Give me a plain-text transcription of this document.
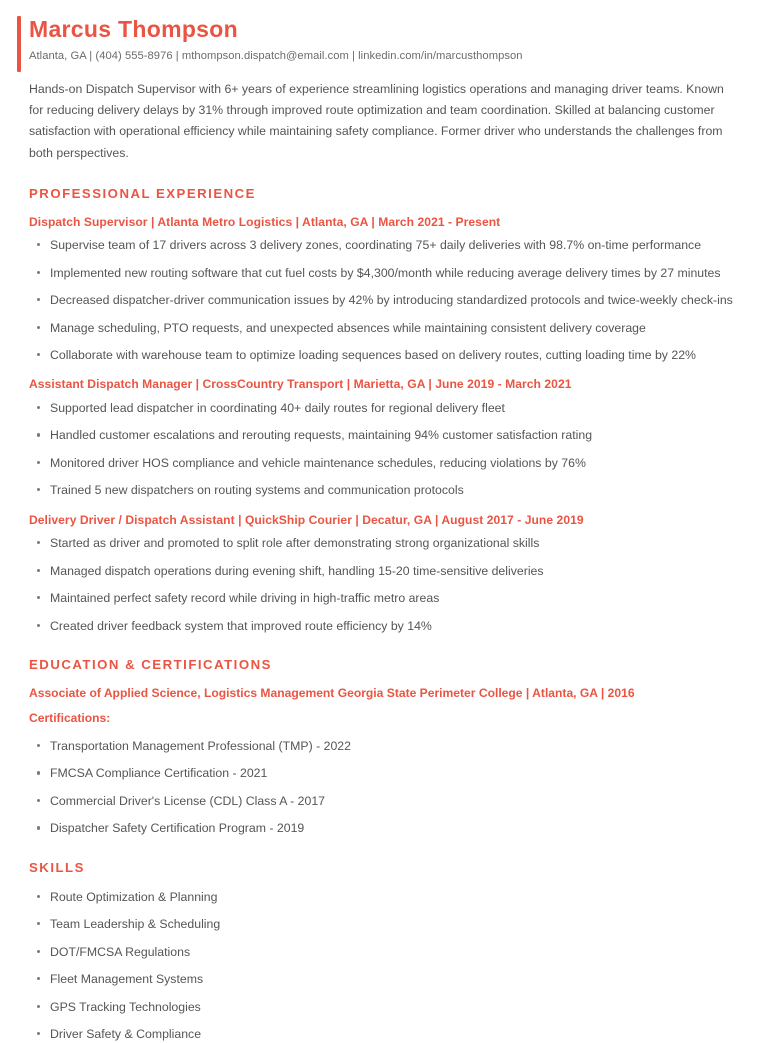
Marcus Thompson

Atlanta, GA | (404) 555-8976 | mthompson.dispatch@email.com | linkedin.com/in/marcusthompson

Hands-on Dispatch Supervisor with 6+ years of experience streamlining logistics operations and managing driver teams. Known for reducing delivery delays by 31% through improved route optimization and team coordination. Skilled at balancing customer satisfaction with operational efficiency while maintaining safety compliance. Former driver who understands the challenges from both perspectives.

PROFESSIONAL EXPERIENCE
Dispatch Supervisor | Atlanta Metro Logistics | Atlanta, GA | March 2021 - Present
Supervise team of 17 drivers across 3 delivery zones, coordinating 75+ daily deliveries with 98.7% on-time performance
Implemented new routing software that cut fuel costs by $4,300/month while reducing average delivery times by 27 minutes
Decreased dispatcher-driver communication issues by 42% by introducing standardized protocols and twice-weekly check-ins
Manage scheduling, PTO requests, and unexpected absences while maintaining consistent delivery coverage
Collaborate with warehouse team to optimize loading sequences based on delivery routes, cutting loading time by 22%
Assistant Dispatch Manager | CrossCountry Transport | Marietta, GA | June 2019 - March 2021
Supported lead dispatcher in coordinating 40+ daily routes for regional delivery fleet
Handled customer escalations and rerouting requests, maintaining 94% customer satisfaction rating
Monitored driver HOS compliance and vehicle maintenance schedules, reducing violations by 76%
Trained 5 new dispatchers on routing systems and communication protocols
Delivery Driver / Dispatch Assistant | QuickShip Courier | Decatur, GA | August 2017 - June 2019
Started as driver and promoted to split role after demonstrating strong organizational skills
Managed dispatch operations during evening shift, handling 15-20 time-sensitive deliveries
Maintained perfect safety record while driving in high-traffic metro areas
Created driver feedback system that improved route efficiency by 14%
EDUCATION & CERTIFICATIONS

Associate of Applied Science, Logistics Management Georgia State Perimeter College | Atlanta, GA | 2016

Certifications:

Transportation Management Professional (TMP) - 2022
FMCSA Compliance Certification - 2021
Commercial Driver's License (CDL) Class A - 2017
Dispatcher Safety Certification Program - 2019
SKILLS
Route Optimization & Planning
Team Leadership & Scheduling
DOT/FMCSA Regulations
Fleet Management Systems
GPS Tracking Technologies
Driver Safety & Compliance
